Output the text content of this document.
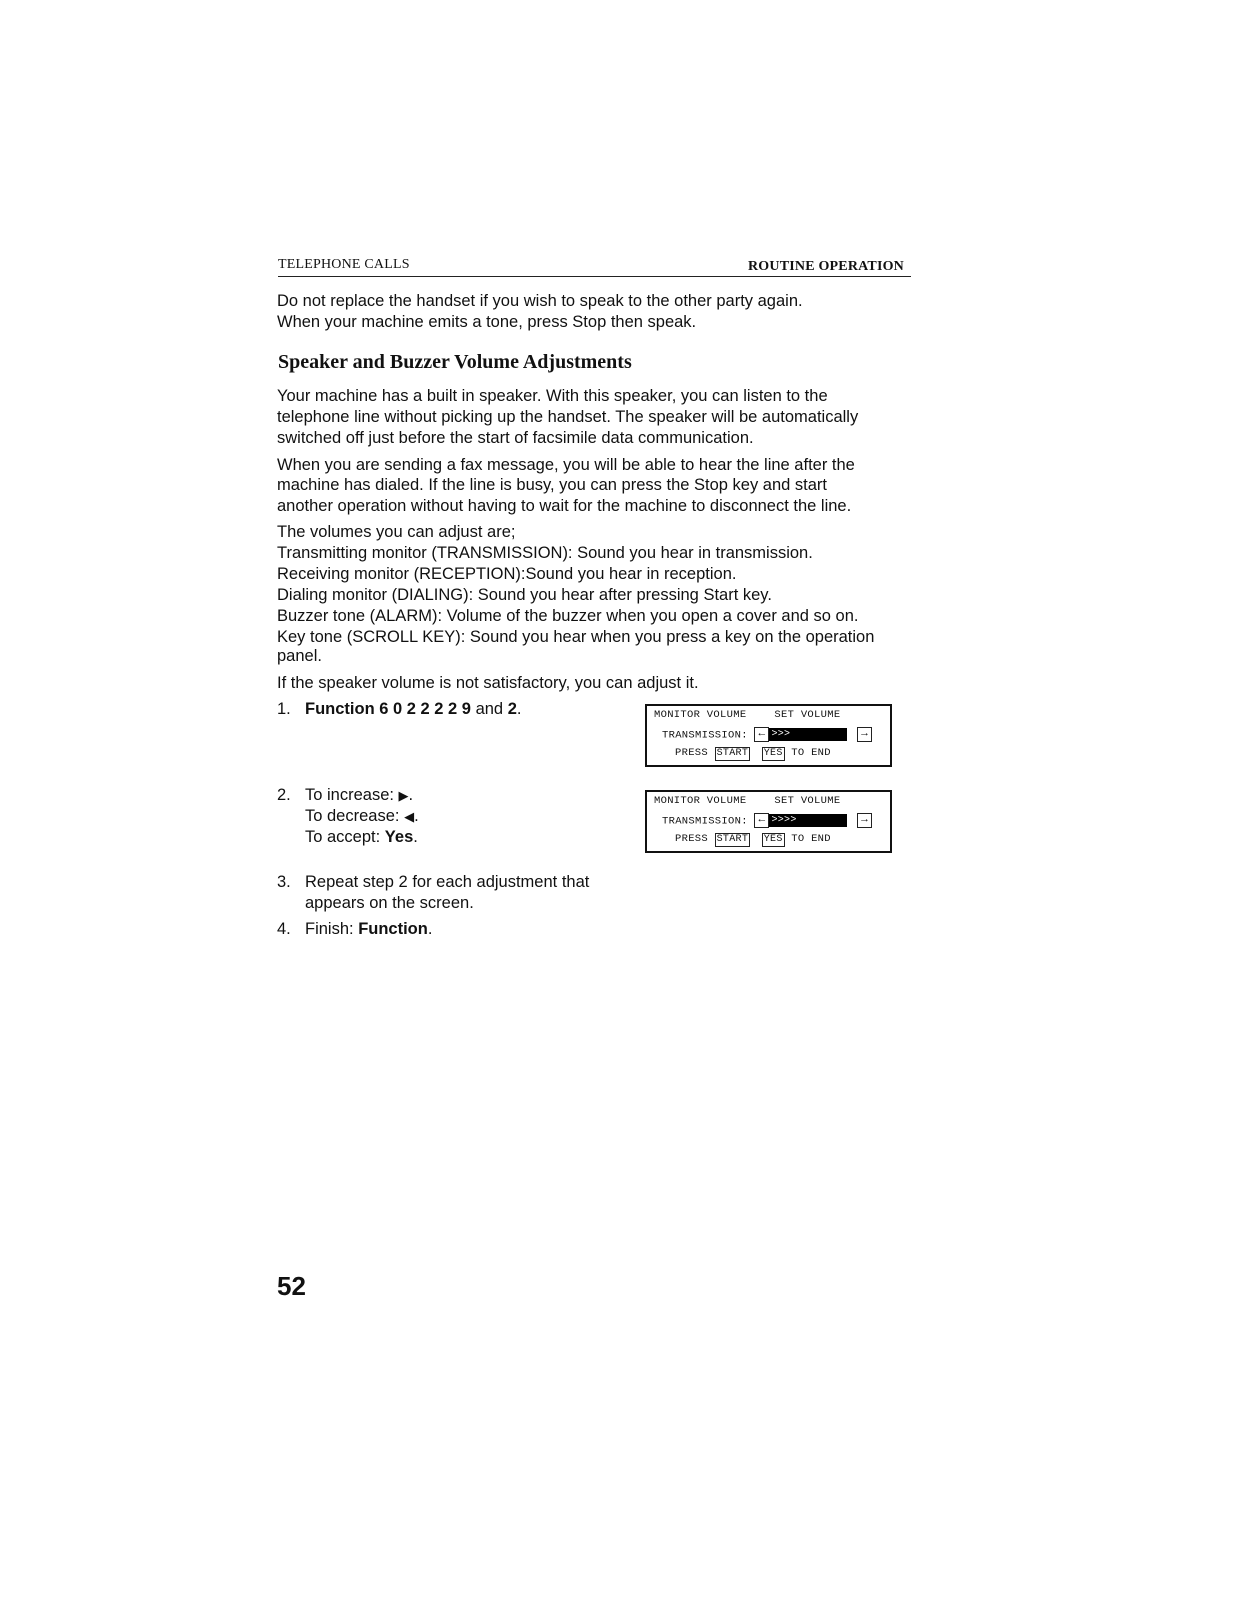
TELEPHONE CALLS	ROUTINE OPERATION
Do not replace the handset if you wish to speak to the other party again.
When your machine emits a tone, press Stop then speak.
Speaker and Buzzer Volume Adjustments
Your machine has a built in speaker. With this speaker, you can listen to the
telephone line without picking up the handset. The speaker will be automatically
switched off just before the start of facsimile data communication.
When you are sending a fax message, you will be able to hear the line after the
machine has dialed. If the line is busy, you can press the Stop key and start
another operation without having to wait for the machine to disconnect the line.
The volumes you can adjust are;
Transmitting monitor (TRANSMISSION): Sound you hear in transmission.
Receiving monitor (RECEPTION):Sound you hear in reception.
Dialing monitor (DIALING): Sound you hear after pressing Start key.
Buzzer tone (ALARM): Volume of the buzzer when you open a cover and so on.
Key tone (SCROLL KEY): Sound you hear when you press a key on the operation
panel.
If the speaker volume is not satisfactory, you can adjust it.
1. Function 6 0 2 2 2 2 9 and 2.	MONITOR VOLUME	SET VOLUME
TRANSMISSION: ← >>>	→
PRESS START YES TO END
2. To increase: ▶.
To decrease: ◀.
To accept: Yes.
MONITOR VOLUME	SET VOLUME
TRANSMISSION: ← >>>>	→
PRESS START YES TO END
3. Repeat step 2 for each adjustment that
appears on the screen.
4. Finish: Function.
52
